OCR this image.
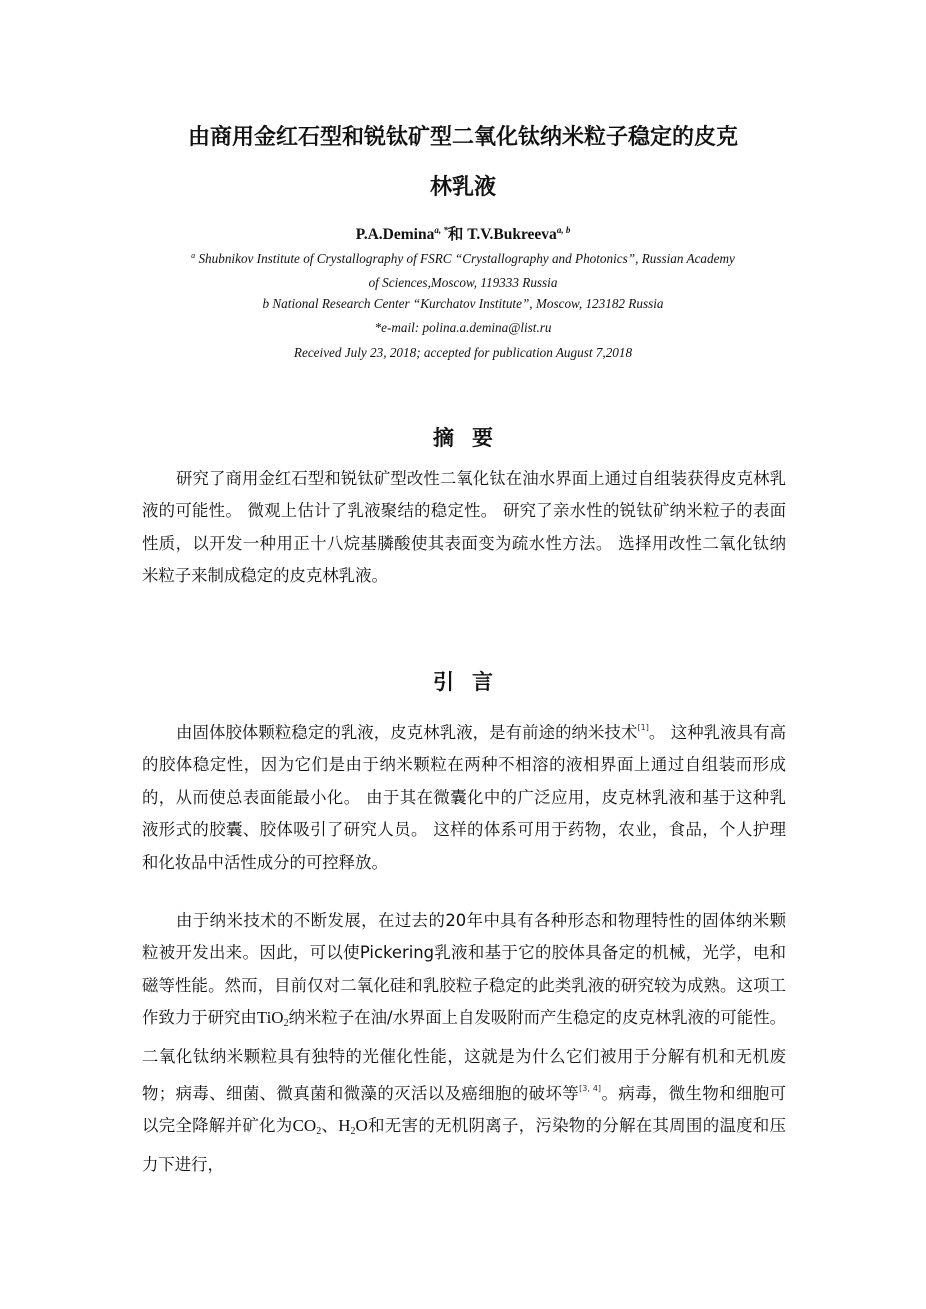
由商用金红石型和锐钛矿型二氧化钛纳米粒子稳定的皮克
林乳液
P.A.Demina$^{a, *}$和 T.V.Bukreeva$^{a, b}$
$^a$ Shubnikov Institute of Crystallography of FSRC “Crystallography and Photonics”, Russian Academy
of Sciences,Moscow, 119333 Russia
b National Research Center “Kurchatov Institute”, Moscow, 123182 Russia
*e-mail: polina.a.demina@list.ru
Received July 23, 2018; accepted for publication August 7,2018
摘要

研究了商用金红石型和锐钛矿型改性二氧化钛在油水界面上通过自组装获得皮克林乳液的可能性。 微观上估计了乳液聚结的稳定性。 研究了亲水性的锐钛矿纳米粒子的表面性质，以开发一种用正十八烷基膦酸使其表面变为疏水性方法。 选择用改性二氧化钛纳米粒子来制成稳定的皮克林乳液。

引言

由固体胶体颗粒稳定的乳液，皮克林乳液，是有前途的纳米技术[1]。 这种乳液具有高的胶体稳定性，因为它们是由于纳米颗粒在两种不相溶的液相界面上通过自组装而形成的，从而使总表面能最小化。 由于其在微囊化中的广泛应用，皮克林乳液和基于这种乳液形式的胶囊、胶体吸引了研究人员。 这样的体系可用于药物，农业，食品，个人护理和化妆品中活性成分的可控释放。

由于纳米技术的不断发展，在过去的20年中具有各种形态和物理特性的固体纳米颗粒被开发出来。因此，可以使Pickering乳液和基于它的胶体具备定的机械，光学，电和磁等性能。然而，目前仅对二氧化硅和乳胶粒子稳定的此类乳液的研究较为成熟。这项工作致力于研究由TiO$_2$纳米粒子在油/水界面上自发吸附而产生稳定的皮克林乳液的可能性。二氧化钛纳米颗粒具有独特的光催化性能，这就是为什么它们被用于分解有机和无机废物；病毒、细菌、微真菌和微藻的灭活以及癌细胞的破坏等[3, 4]。病毒，微生物和细胞可以完全降解并矿化为$CO_2$、$H_2O$和无害的无机阴离子，污染物的分解在其周围的温度和压力下进行，
